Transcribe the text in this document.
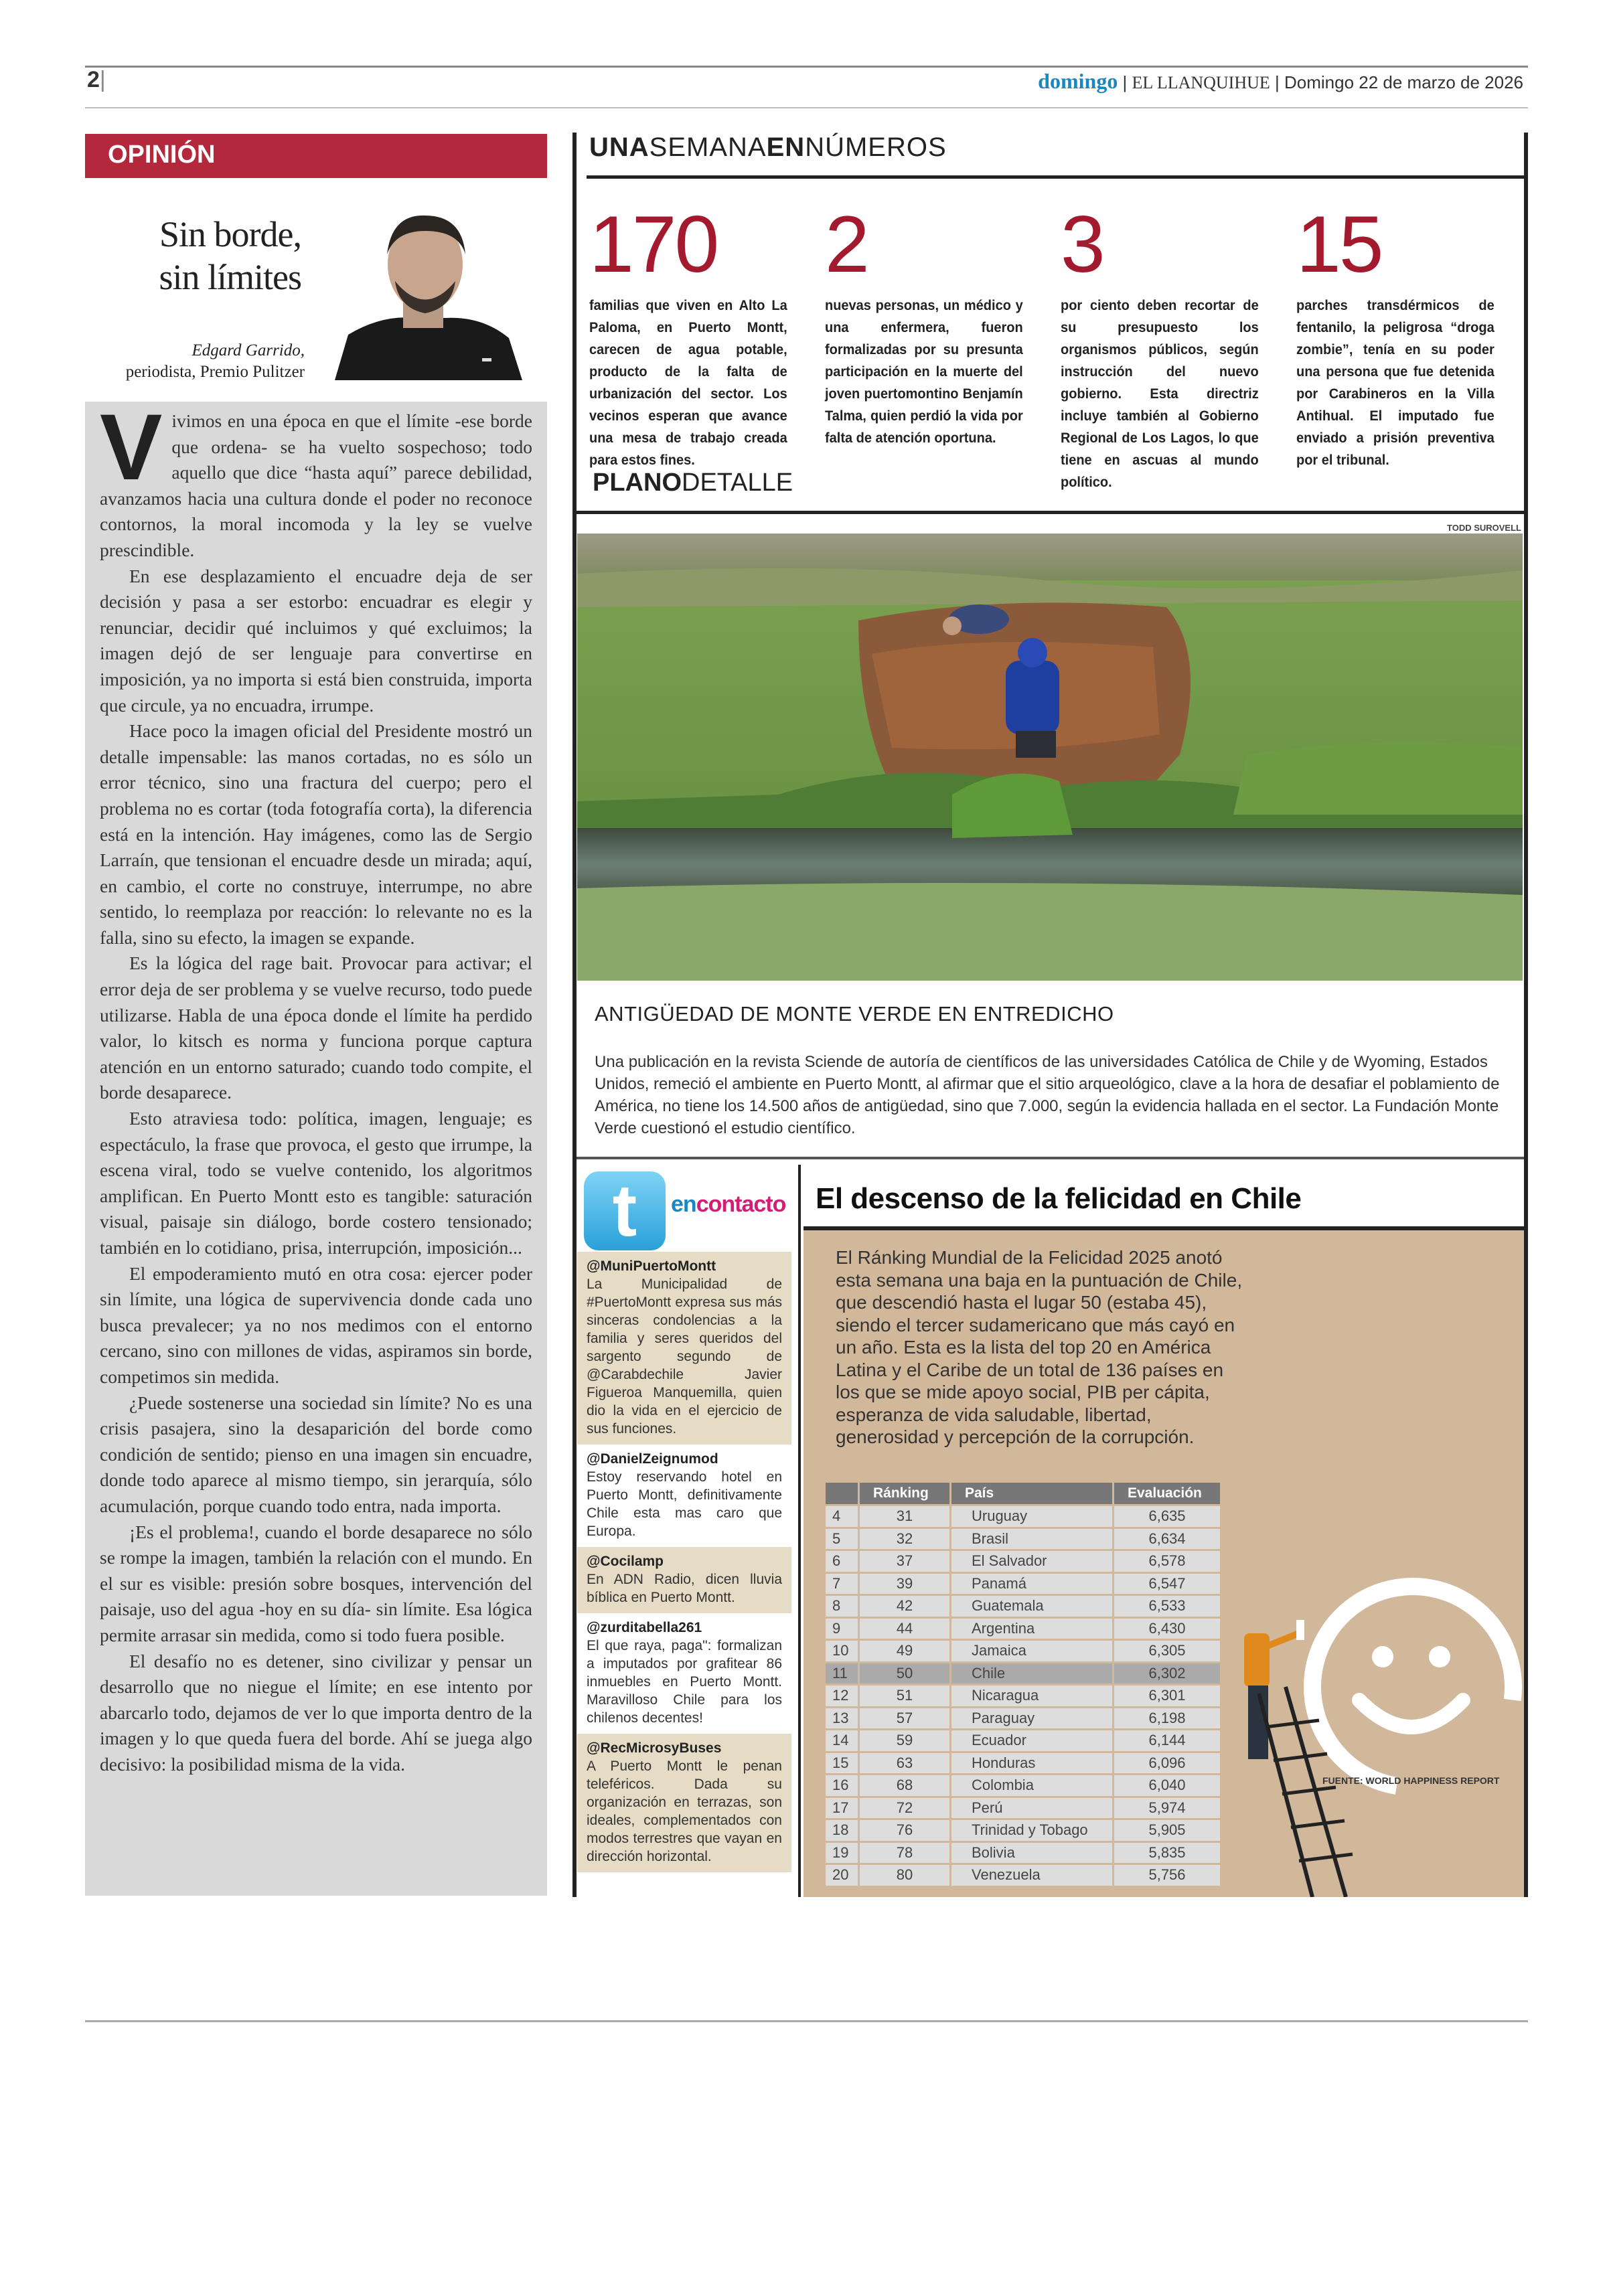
2|	domingo | EL LLANQUIHUE | Domingo 22 de marzo de 2026
OPINIÓN
Sin borde,
sin límites
Edgard Garrido,
periodista, Premio Pulitzer

Vivimos en una época en que el límite -ese borde que ordena- se ha vuelto sospechoso; todo aquello que dice “hasta aquí” parece debilidad, avanzamos hacia una cultura donde el poder no reconoce contornos, la moral incomoda y la ley se vuelve prescindible.

En ese desplazamiento el encuadre deja de ser decisión y pasa a ser estorbo: encuadrar es elegir y renunciar, decidir qué incluimos y qué excluimos; la imagen dejó de ser lenguaje para convertirse en imposición, ya no importa si está bien construida, importa que circule, ya no encuadra, irrumpe.

Hace poco la imagen oficial del Presidente mostró un detalle impensable: las manos cortadas, no es sólo un error técnico, sino una fractura del cuerpo; pero el problema no es cortar (toda fotografía corta), la diferencia está en la intención. Hay imágenes, como las de Sergio Larraín, que tensionan el encuadre desde un mirada; aquí, en cambio, el corte no construye, interrumpe, no abre sentido, lo reemplaza por reacción: lo relevante no es la falla, sino su efecto, la imagen se expande.

Es la lógica del rage bait. Provocar para activar; el error deja de ser problema y se vuelve recurso, todo puede utilizarse. Habla de una época donde el límite ha perdido valor, lo kitsch es norma y funciona porque captura atención en un entorno saturado; cuando todo compite, el borde desaparece.

Esto atraviesa todo: política, imagen, lenguaje; es espectáculo, la frase que provoca, el gesto que irrumpe, la escena viral, todo se vuelve contenido, los algoritmos amplifican. En Puerto Montt esto es tangible: saturación visual, paisaje sin diálogo, borde costero tensionado; también en lo cotidiano, prisa, interrupción, imposición...

El empoderamiento mutó en otra cosa: ejercer poder sin límite, una lógica de supervivencia donde cada uno busca prevalecer; ya no nos medimos con el entorno cercano, sino con millones de vidas, aspiramos sin borde, competimos sin medida.

¿Puede sostenerse una sociedad sin límite? No es una crisis pasajera, sino la desaparición del borde como condición de sentido; pienso en una imagen sin encuadre, donde todo aparece al mismo tiempo, sin jerarquía, sólo acumulación, porque cuando todo entra, nada importa.

¡Es el problema!, cuando el borde desaparece no sólo se rompe la imagen, también la relación con el mundo. En el sur es visible: presión sobre bosques, intervención del paisaje, uso del agua -hoy en su día- sin límite. Esa lógica permite arrasar sin medida, como si todo fuera posible.

El desafío no es detener, sino civilizar y pensar un desarrollo que no niegue el límite; en ese intento por abarcarlo todo, dejamos de ver lo que importa dentro de la imagen y lo que queda fuera del borde. Ahí se juega algo decisivo: la posibilidad misma de la vida.

UNASEMANAENNÚMEROS
170
familias que viven en Alto La Paloma, en Puerto Montt, carecen de agua potable, producto de la falta de urbanización del sector. Los vecinos esperan que avance una mesa de trabajo creada para estos fines.
2
nuevas personas, un médico y una enfermera, fueron formalizadas por su presunta participación en la muerte del joven puertomontino Benjamín Talma, quien perdió la vida por falta de atención oportuna.
3
por ciento deben recortar de su presupuesto los organismos públicos, según instrucción del nuevo gobierno. Esta directriz incluye también al Gobierno Regional de Los Lagos, lo que tiene en ascuas al mundo político.
15
parches transdérmicos de fentanilo, la peligrosa “droga zombie”, tenía en su poder una persona que fue detenida por Carabineros en la Villa Antihual. El imputado fue enviado a prisión preventiva por el tribunal.
PLANODETALLE
TODD SUROVELL
ANTIGÜEDAD DE MONTE VERDE EN ENTREDICHO
Una publicación en la revista Sciende de autoría de científicos de las universidades Católica de Chile y de Wyoming, Estados Unidos, remeció el ambiente en Puerto Montt, al afirmar que el sitio arqueológico, clave a la hora de desafiar el poblamiento de América, no tiene los 14.500 años de antigüedad, sino que 7.000, según la evidencia hallada en el sector. La Fundación Monte Verde cuestionó el estudio científico.
t	encontacto
@MuniPuertoMontt
La Municipalidad de #PuertoMontt expresa sus más sinceras condolencias a la familia y seres queridos del sargento segundo de @Carabdechile Javier Figueroa Manquemilla, quien dio la vida en el ejercicio de sus funciones.
@DanielZeignumod
Estoy reservando hotel en Puerto Montt, definitivamente Chile esta mas caro que Europa.
@Cocilamp
En ADN Radio, dicen lluvia bíblica en Puerto Montt.
@zurditabella261
El que raya, paga": formalizan a imputados por grafitear 86 inmuebles en Puerto Montt. Maravilloso Chile para los chilenos decentes!
@RecMicrosyBuses
A Puerto Montt le penan teleféricos. Dada su organización en terrazas, son ideales, complementados con modos terrestres que vayan en dirección horizontal.
El descenso de la felicidad en Chile
El Ránking Mundial de la Felicidad 2025 anotó esta semana una baja en la puntuación de Chile, que descendió hasta el lugar 50 (estaba 45), siendo el tercer sudamericano que más cayó en un año. Esta es la lista del top 20 en América Latina y el Caribe de un total de 136 países en los que se mide apoyo social, PIB per cápita, esperanza de vida saludable, libertad, generosidad y percepción de la corrupción.
	Ránking	País	Evaluación
4	31	Uruguay	6,635
5	32	Brasil	6,634
6	37	El Salvador	6,578
7	39	Panamá	6,547
8	42	Guatemala	6,533
9	44	Argentina	6,430
10	49	Jamaica	6,305
11	50	Chile	6,302
12	51	Nicaragua	6,301
13	57	Paraguay	6,198
14	59	Ecuador	6,144
15	63	Honduras	6,096
16	68	Colombia	6,040
17	72	Perú	5,974
18	76	Trinidad y Tobago	5,905
19	78	Bolivia	5,835
20	80	Venezuela	5,756
FUENTE: WORLD HAPPINESS REPORT
